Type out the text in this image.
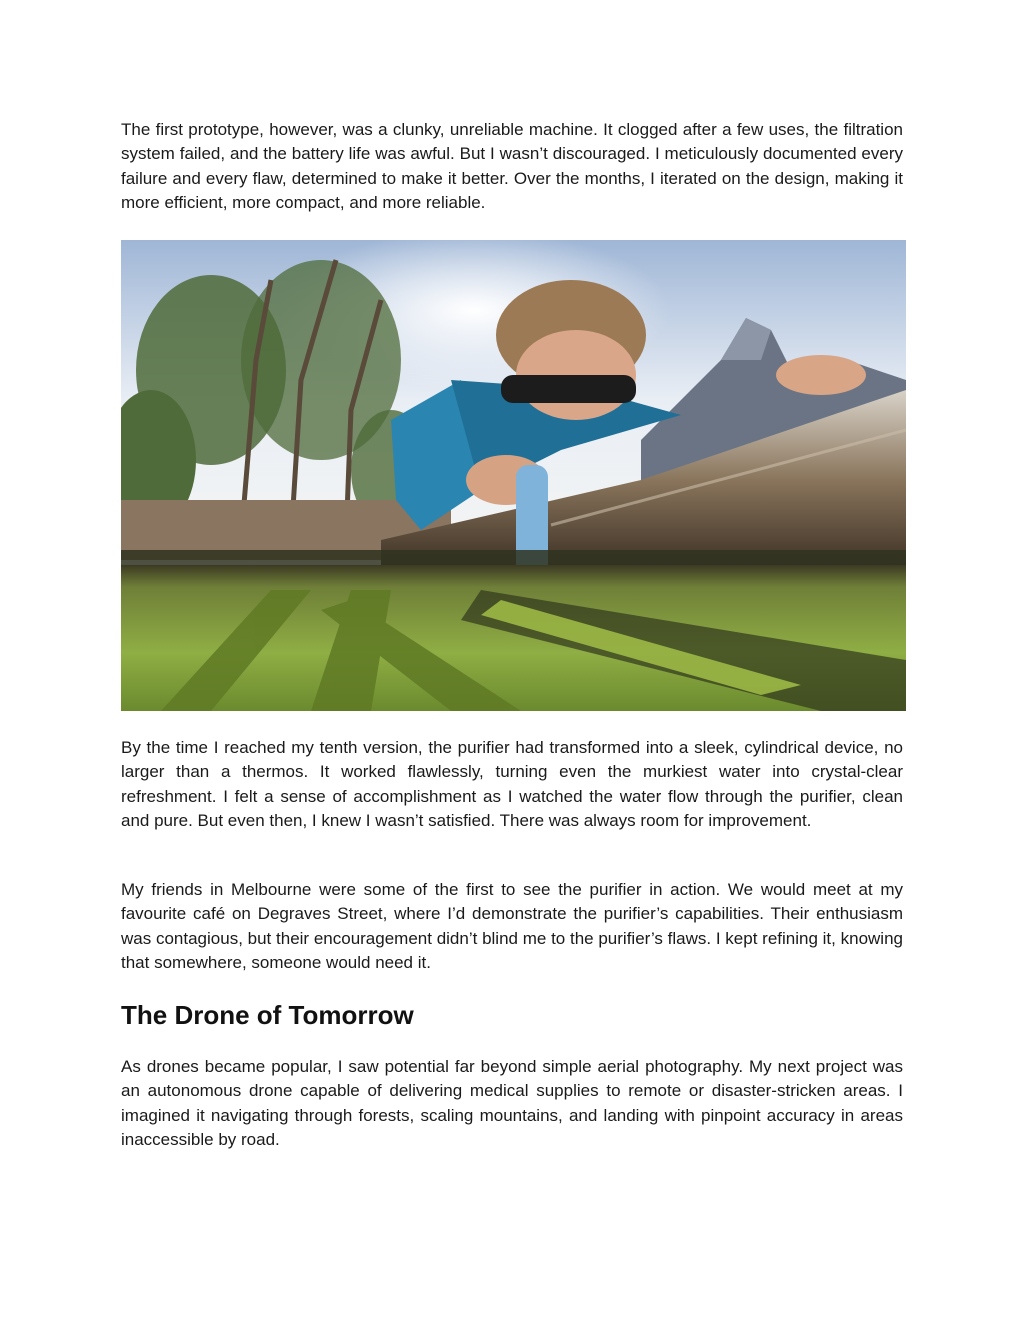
The first prototype, however, was a clunky, unreliable machine. It clogged after a few uses, the filtration system failed, and the battery life was awful. But I wasn’t discouraged. I meticulously documented every failure and every flaw, determined to make it better. Over the months, I iterated on the design, making it more efficient, more compact, and more reliable.

By the time I reached my tenth version, the purifier had transformed into a sleek, cylindrical device, no larger than a thermos. It worked flawlessly, turning even the murkiest water into crystal-clear refreshment. I felt a sense of accomplishment as I watched the water flow through the purifier, clean and pure. But even then, I knew I wasn’t satisfied. There was always room for improvement.

My friends in Melbourne were some of the first to see the purifier in action. We would meet at my favourite café on Degraves Street, where I’d demonstrate the purifier’s capabilities. Their enthusiasm was contagious, but their encouragement didn’t blind me to the purifier’s flaws. I kept refining it, knowing that somewhere, someone would need it.

The Drone of Tomorrow

As drones became popular, I saw potential far beyond simple aerial photography. My next project was an autonomous drone capable of delivering medical supplies to remote or disaster-stricken areas. I imagined it navigating through forests, scaling mountains, and landing with pinpoint accuracy in areas inaccessible by road.
